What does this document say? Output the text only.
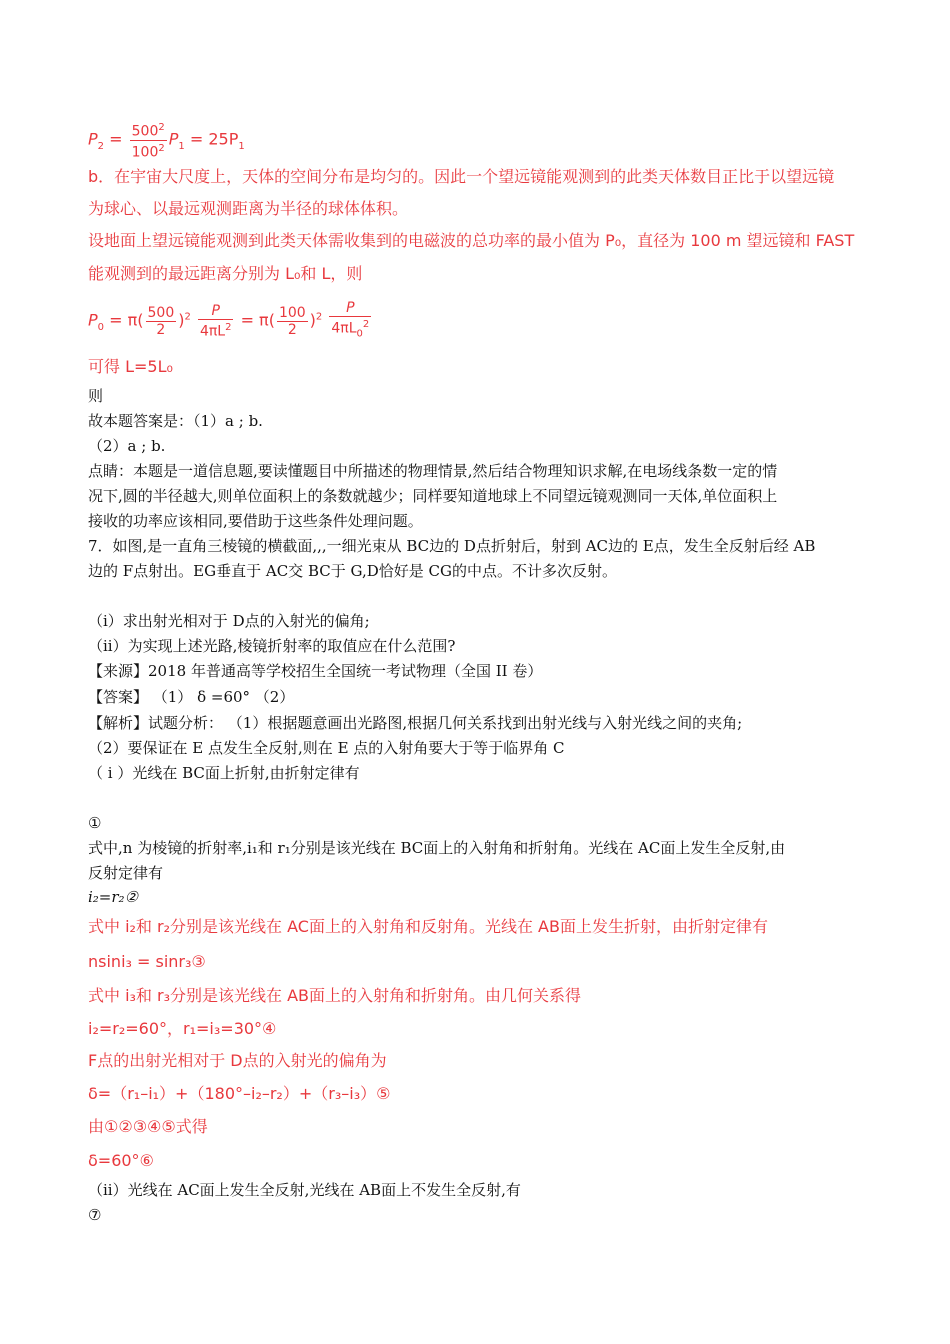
$P_2 = \frac{500^2}{100^2} P_1 = 25P_1$
b．在宇宙大尺度上，天体的空间分布是均匀的。因此一个望远镜能观测到的此类天体数目正比于以望远镜
为球心、以最远观测距离为半径的球体体积。
设地面上望远镜能观测到此类天体需收集到的电磁波的总功率的最小值为 P₀，直径为 100 m 望远镜和 FAST
能观测到的最远距离分别为 L₀和 L，则
$P_0 = \pi( \frac{500}{2} )^2 \frac{P}{4\pi L^2} = \pi( \frac{100}{2} )^2 \frac{P}{4\pi L_0^2}$
可得 L=5L₀
则
故本题答案是：（1）a ; b.
（2）a ; b.
点睛：本题是一道信息题,要读懂题目中所描述的物理情景,然后结合物理知识求解,在电场线条数一定的情
况下,圆的半径越大,则单位面积上的条数就越少；同样要知道地球上不同望远镜观测同一天体,单位面积上
接收的功率应该相同,要借助于这些条件处理问题。
7．如图,是一直角三棱镜的横截面,,,一细光束从 BC边的 D点折射后，射到 AC边的 E点，发生全反射后经 AB
边的 F点射出。EG垂直于 AC交 BC于 G,D恰好是 CG的中点。不计多次反射。
（i）求出射光相对于 D点的入射光的偏角;
（ii）为实现上述光路,棱镜折射率的取值应在什么范围?
【来源】2018 年普通高等学校招生全国统一考试物理（全国 II 卷）
【答案】 （1） δ =60° （2）
【解析】试题分析： （1）根据题意画出光路图,根据几何关系找到出射光线与入射光线之间的夹角;
（2）要保证在 E 点发生全反射,则在 E 点的入射角要大于等于临界角 C
（ i ）光线在 BC面上折射,由折射定律有
①
式中,n 为棱镜的折射率,i₁和 r₁分别是该光线在 BC面上的入射角和折射角。光线在 AC面上发生全反射,由
反射定律有
i₂=r₂②
式中 i₂和 r₂分别是该光线在 AC面上的入射角和反射角。光线在 AB面上发生折射，由折射定律有
nsini₃ = sinr₃③
式中 i₃和 r₃分别是该光线在 AB面上的入射角和折射角。由几何关系得
i₂=r₂=60°，r₁=i₃=30°④
F点的出射光相对于 D点的入射光的偏角为
δ=（r₁–i₁）+（180°–i₂–r₂）+（r₃–i₃）⑤
由①②③④⑤式得
δ=60°⑥
（ii）光线在 AC面上发生全反射,光线在 AB面上不发生全反射,有
⑦
